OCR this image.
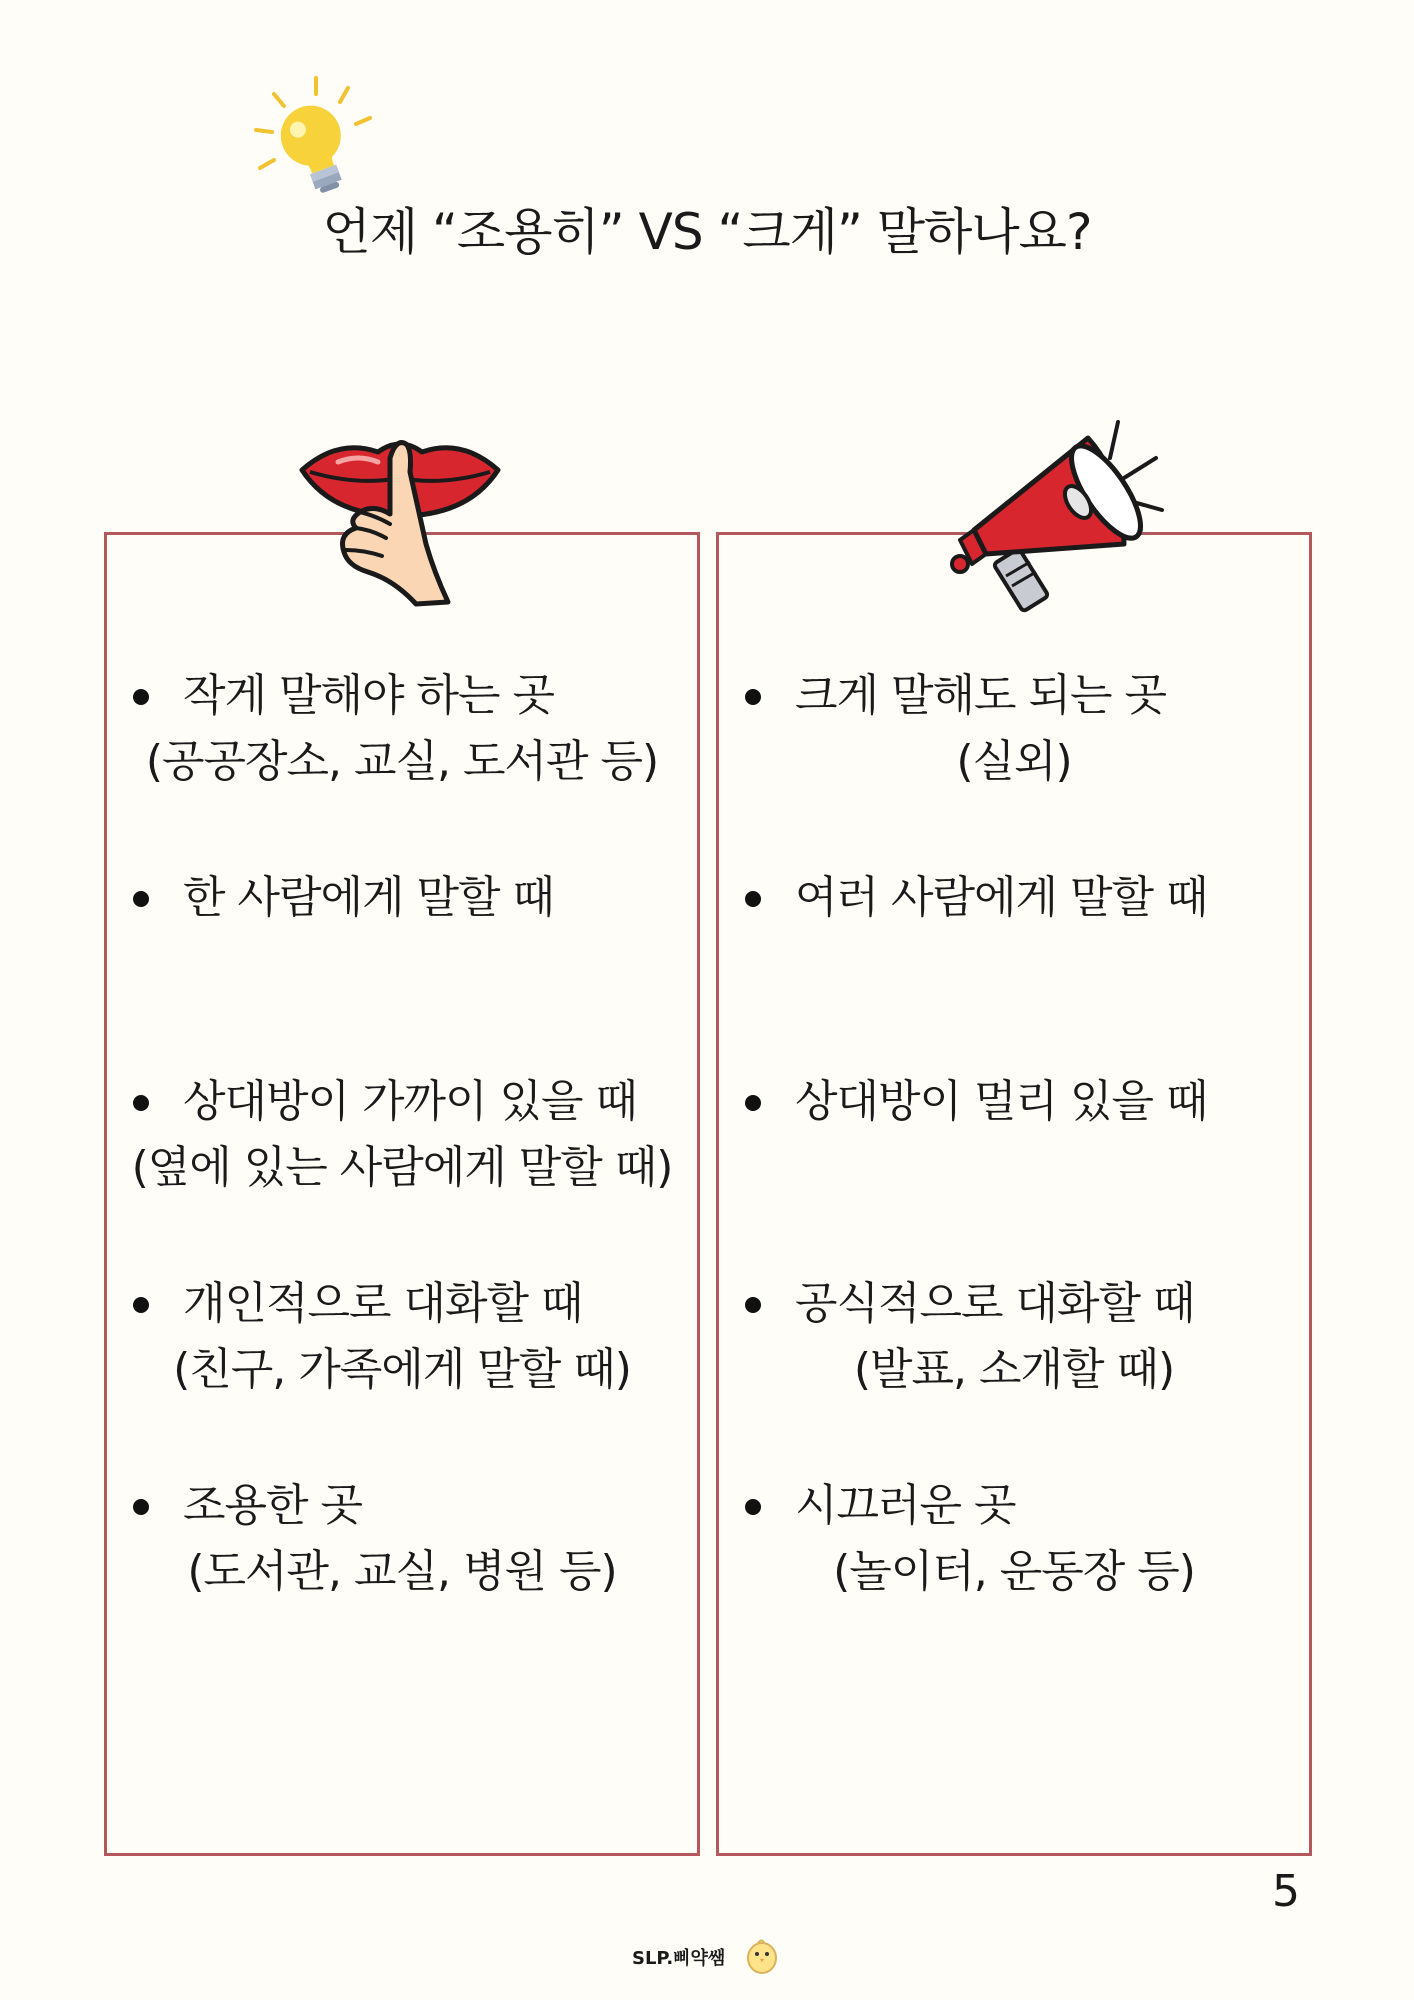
언제 “조용히” VS “크게” 말하나요?
작게 말해야 하는 곳
(공공장소, 교실, 도서관 등)
한 사람에게 말할 때
상대방이 가까이 있을 때
(옆에 있는 사람에게 말할 때)
개인적으로 대화할 때
(친구, 가족에게 말할 때)
조용한 곳
(도서관, 교실, 병원 등)
크게 말해도 되는 곳
(실외)
여러 사람에게 말할 때
상대방이 멀리 있을 때
공식적으로 대화할 때
(발표, 소개할 때)
시끄러운 곳
(놀이터, 운동장 등)
5
SLP.삐약쌤
